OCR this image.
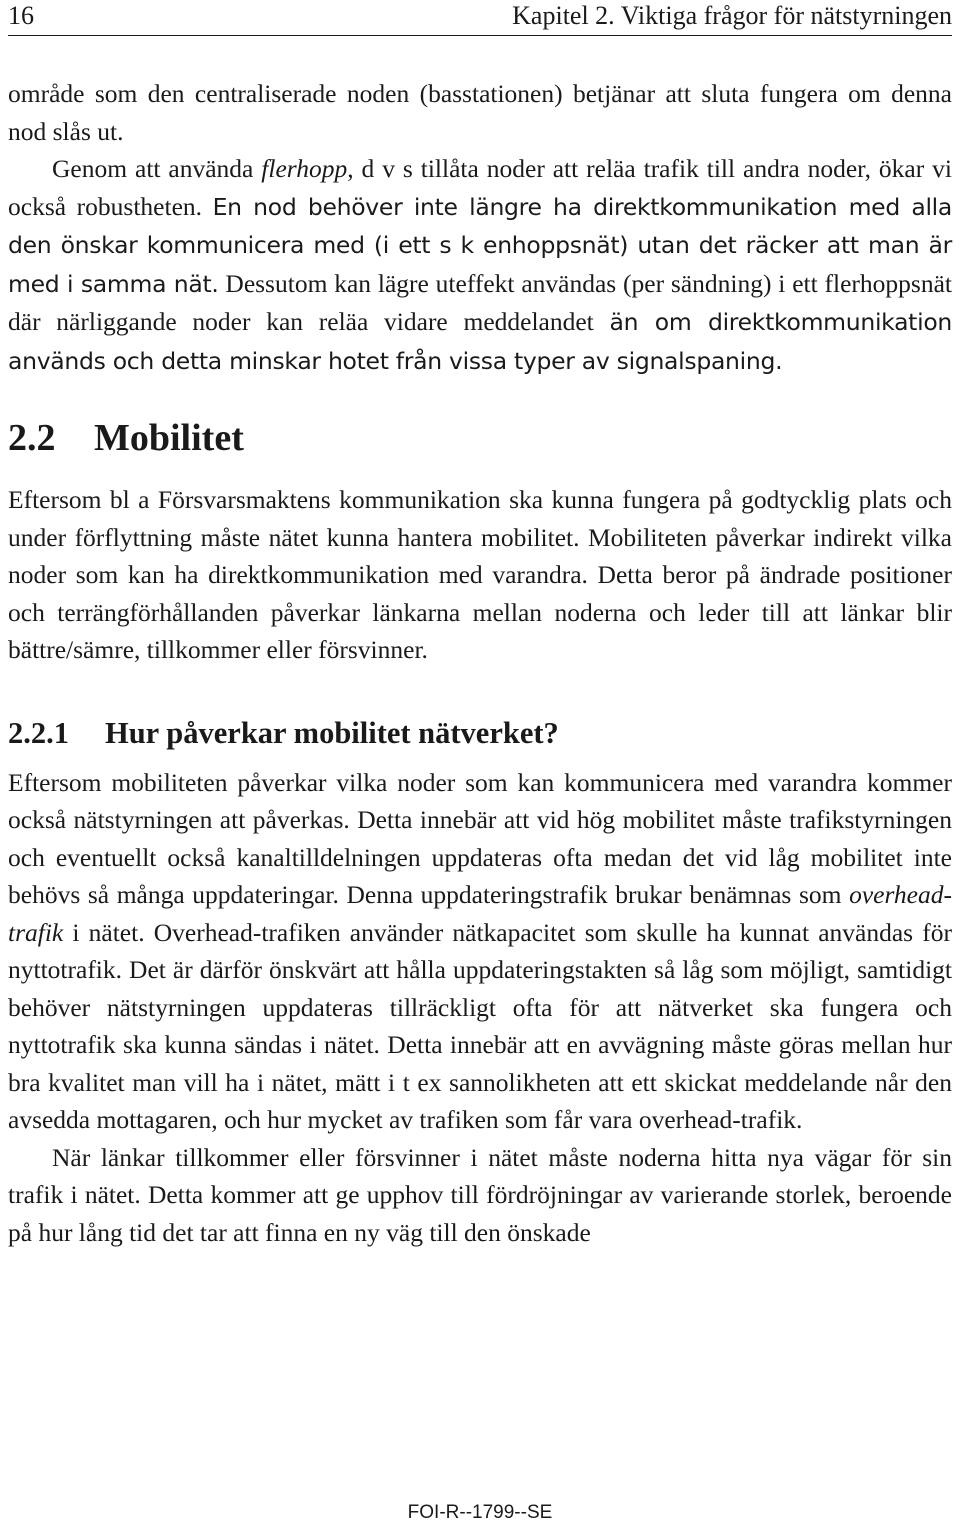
16	Kapitel 2. Viktiga frågor för nätstyrningen

område som den centraliserade noden (basstationen) betjänar att sluta fungera om denna nod slås ut.

Genom att använda flerhopp, d v s tillåta noder att reläa trafik till andra noder, ökar vi också robustheten. En nod behöver inte längre ha direktkommunikation med alla den önskar kommunicera med (i ett s k enhoppsnät) utan det räcker att man är med i samma nät. Dessutom kan lägre uteffekt användas (per sändning) i ett flerhoppsnät där närliggande noder kan reläa vidare meddelandet än om direktkommunikation används och detta minskar hotet från vissa typer av signalspaning.

2.2 Mobilitet

Eftersom bl a Försvarsmaktens kommunikation ska kunna fungera på godtycklig plats och under förflyttning måste nätet kunna hantera mobilitet. Mobiliteten påverkar indirekt vilka noder som kan ha direktkommunikation med varandra. Detta beror på ändrade positioner och terrängförhållanden påverkar länkarna mellan noderna och leder till att länkar blir bättre/sämre, tillkommer eller försvinner.

2.2.1 Hur påverkar mobilitet nätverket?

Eftersom mobiliteten påverkar vilka noder som kan kommunicera med varandra kommer också nätstyrningen att påverkas. Detta innebär att vid hög mobilitet måste trafikstyrningen och eventuellt också kanaltilldelningen uppdateras ofta medan det vid låg mobilitet inte behövs så många uppdateringar. Denna uppdateringstrafik brukar benämnas som overhead-trafik i nätet. Overhead-trafiken använder nätkapacitet som skulle ha kunnat användas för nyttotrafik. Det är därför önskvärt att hålla uppdateringstakten så låg som möjligt, samtidigt behöver nätstyrningen uppdateras tillräckligt ofta för att nätverket ska fungera och nyttotrafik ska kunna sändas i nätet. Detta innebär att en avvägning måste göras mellan hur bra kvalitet man vill ha i nätet, mätt i t ex sannolikheten att ett skickat meddelande når den avsedda mottagaren, och hur mycket av trafiken som får vara overhead-trafik.

När länkar tillkommer eller försvinner i nätet måste noderna hitta nya vägar för sin trafik i nätet. Detta kommer att ge upphov till fördröjningar av varierande storlek, beroende på hur lång tid det tar att finna en ny väg till den önskade

FOI-R--1799--SE
